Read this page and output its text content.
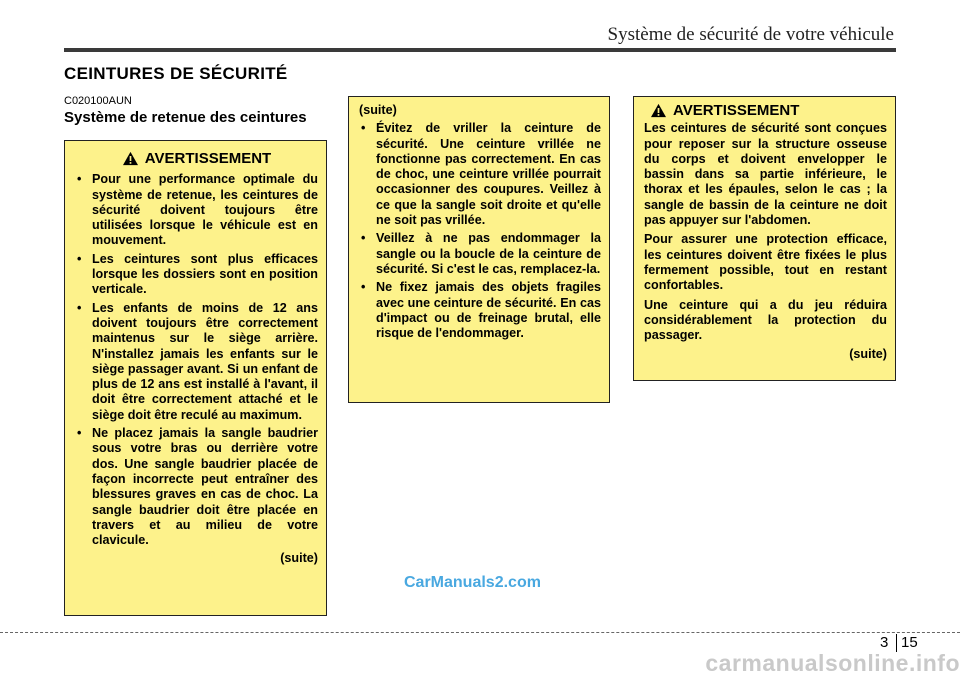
Système de sécurité de votre véhicule
CEINTURES DE SÉCURITÉ
C020100AUN
Système de retenue des ceintures
AVERTISSEMENT
• Pour une performance optimale du système de retenue, les ceintures de sécurité doivent toujours être utilisées lorsque le véhicule est en mouvement.
• Les ceintures sont plus efficaces lorsque les dossiers sont en position verticale.
• Les enfants de moins de 12 ans doivent toujours être correctement maintenus sur le siège arrière. N'installez jamais les enfants sur le siège passager avant. Si un enfant de plus de 12 ans est installé à l'avant, il doit être correctement attaché et le siège doit être reculé au maximum.
• Ne placez jamais la sangle baudrier sous votre bras ou derrière votre dos. Une sangle baudrier placée de façon incorrecte peut entraîner des blessures graves en cas de choc. La sangle baudrier doit être placée en travers et au milieu de votre clavicule.
(suite)
(suite)
• Évitez de vriller la ceinture de sécurité. Une ceinture vrillée ne fonctionne pas correctement. En cas de choc, une ceinture vrillée pourrait occasionner des coupures. Veillez à ce que la sangle soit droite et qu'elle ne soit pas vrillée.
• Veillez à ne pas endommager la sangle ou la boucle de la ceinture de sécurité. Si c'est le cas, remplacez-la.
• Ne fixez jamais des objets fragiles avec une ceinture de sécurité. En cas d'impact ou de freinage brutal, elle risque de l'endommager.
AVERTISSEMENT

Les ceintures de sécurité sont conçues pour reposer sur la structure osseuse du corps et doivent envelopper le bassin dans sa partie inférieure, le thorax et les épaules, selon le cas ; la sangle de bassin de la ceinture ne doit pas appuyer sur l'abdomen.

Pour assurer une protection efficace, les ceintures doivent être fixées le plus fermement possible, tout en restant confortables.

Une ceinture qui a du jeu réduira considérablement la protection du passager.

(suite)
CarManuals2.com
3 15
carmanualsonline.info
